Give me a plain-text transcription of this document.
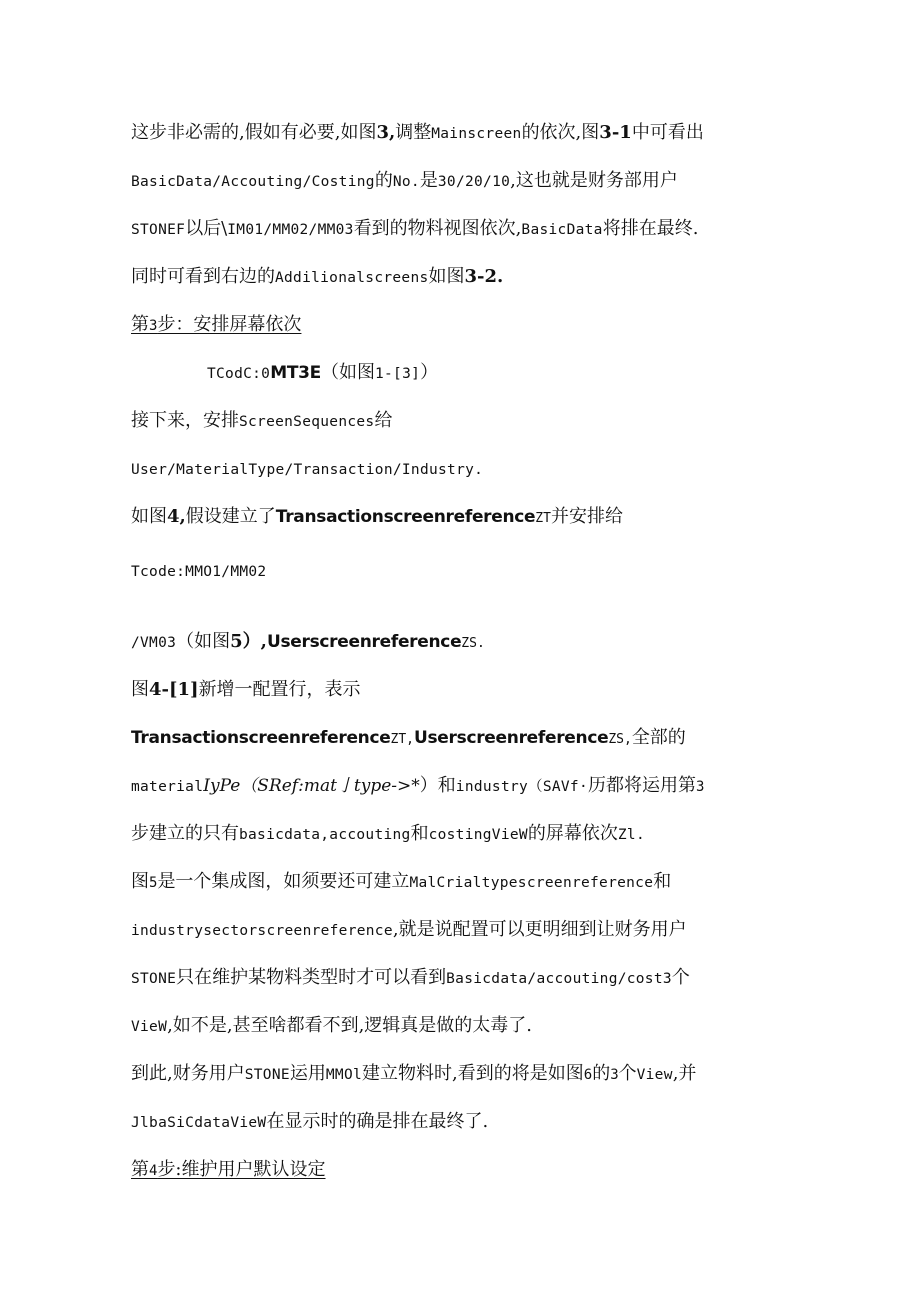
这步非必需的,假如有必要,如图3,调整Mainscreen的依次,图3-1中可看出
BasicData/Accouting/Costing的No.是30/20/10,这也就是财务部用户
STONEF以后\IM01/MM02/MM03看到的物料视图依次,BasicData将排在最终.
同时可看到右边的Addilionalscreens如图3-2.
第3步：安排屏幕依次
TCodC:0MT3E（如图1-[3]）
接下来，安排ScreenSequences给
User/MaterialType/Transaction/Industry.
如图4,假设建立了TransactionscreenreferenceZT并安排给
Tcode:MMO1/MM02
/VM03（如图5）,UserscreenreferenceZS.
图4-[1]新增一配置行，表示
TransactionscreenreferenceZT,UserscreenreferenceZS,全部的
materialIyPe（SRef:mat亅type->*）和industry（SAVf·历都将运用第3
步建立的只有basicdata,accouting和costingVieW的屏幕依次Zl.
图5是一个集成图，如须要还可建立MalCrialtypescreenreference和
industrysectorscreenreference,就是说配置可以更明细到让财务用户
STONE只在维护某物料类型时才可以看到Basicdata/accouting/cost3个
VieW,如不是,甚至啥都看不到,逻辑真是做的太毒了.
到此,财务用户STONE运用MMOl建立物料时,看到的将是如图6的3个View,并
JlbaSiCdataVieW在显示时的确是排在最终了.
第4步:维护用户默认设定
